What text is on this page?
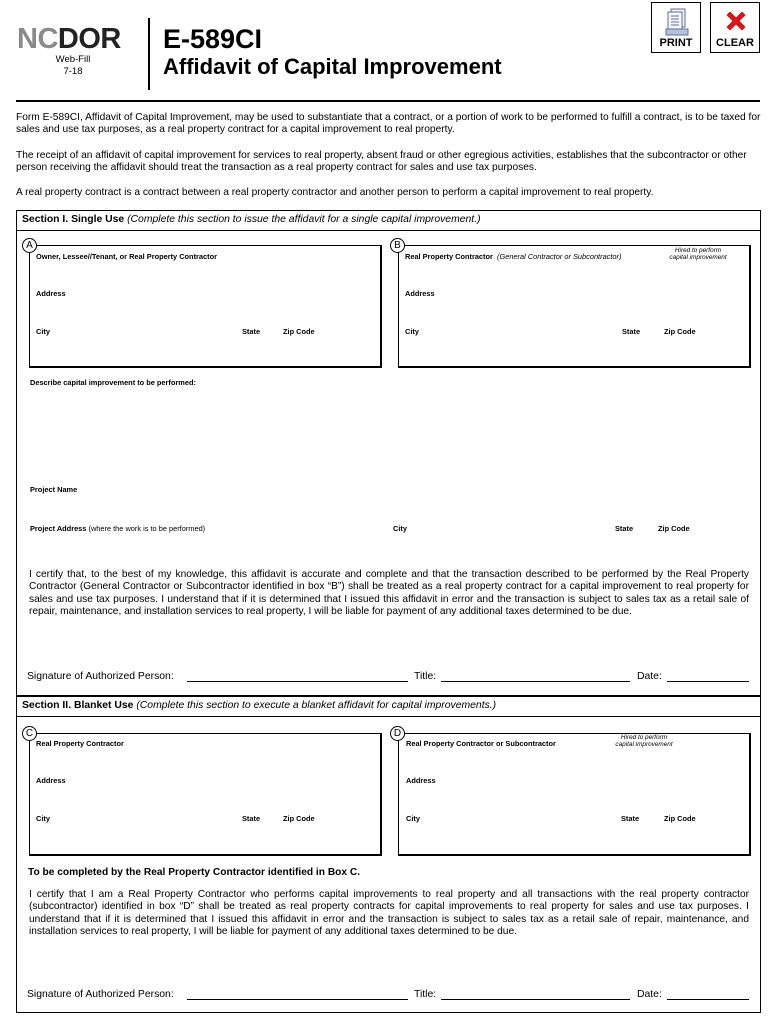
NCDOR
Web-Fill
7-18
E-589CI
Affidavit of Capital Improvement
PRINT	CLEAR
Form E-589CI, Affidavit of Capital Improvement, may be used to substantiate that a contract, or a portion of work to be performed to fulfill a contract, is to be taxed for sales and use tax purposes, as a real property contract for a capital improvement to real property.
The receipt of an affidavit of capital improvement for services to real property, absent fraud or other egregious activities, establishes that the subcontractor or other person receiving the affidavit should treat the transaction as a real property contract for sales and use tax purposes.
A real property contract is a contract between a real property contractor and another person to perform a capital improvement to real property.
Section I. Single Use (Complete this section to issue the affidavit for a single capital improvement.)
A
Owner, Lessee//Tenant, or Real Property Contractor
Address
City	State	Zip Code
B
Real Property Contractor (General Contractor or Subcontractor)
Hired to perform
capital improvement
Address
City	State	Zip Code
Describe capital improvement to be performed:
Project Name
Project Address (where the work is to be performed)	City	State	Zip Code
I certify that, to the best of my knowledge, this affidavit is accurate and complete and that the transaction described to be performed by the Real Property Contractor (General Contractor or Subcontractor identified in box “B”) shall be treated as a real property contract for a capital improvement to real property for sales and use tax purposes. I understand that if it is determined that I issued this affidavit in error and the transaction is subject to sales tax as a retail sale of repair, maintenance, and installation services to real property, I will be liable for payment of any additional taxes determined to be due.
Signature of Authorized Person:	Title:	Date:
Section II. Blanket Use (Complete this section to execute a blanket affidavit for capital improvements.)
C
Real Property Contractor
Address
City	State	Zip Code
D
Real Property Contractor or Subcontractor
Hired to perform
capital improvement
Address
City	State	Zip Code
To be completed by the Real Property Contractor identified in Box C.
I certify that I am a Real Property Contractor who performs capital improvements to real property and all transactions with the real property contractor (subcontractor) identified in box “D” shall be treated as real property contracts for capital improvements to real property for sales and use tax purposes. I understand that if it is determined that I issued this affidavit in error and the transaction is subject to sales tax as a retail sale of repair, maintenance, and installation services to real property, I will be liable for payment of any additional taxes determined to be due.
Signature of Authorized Person:	Title:	Date:
